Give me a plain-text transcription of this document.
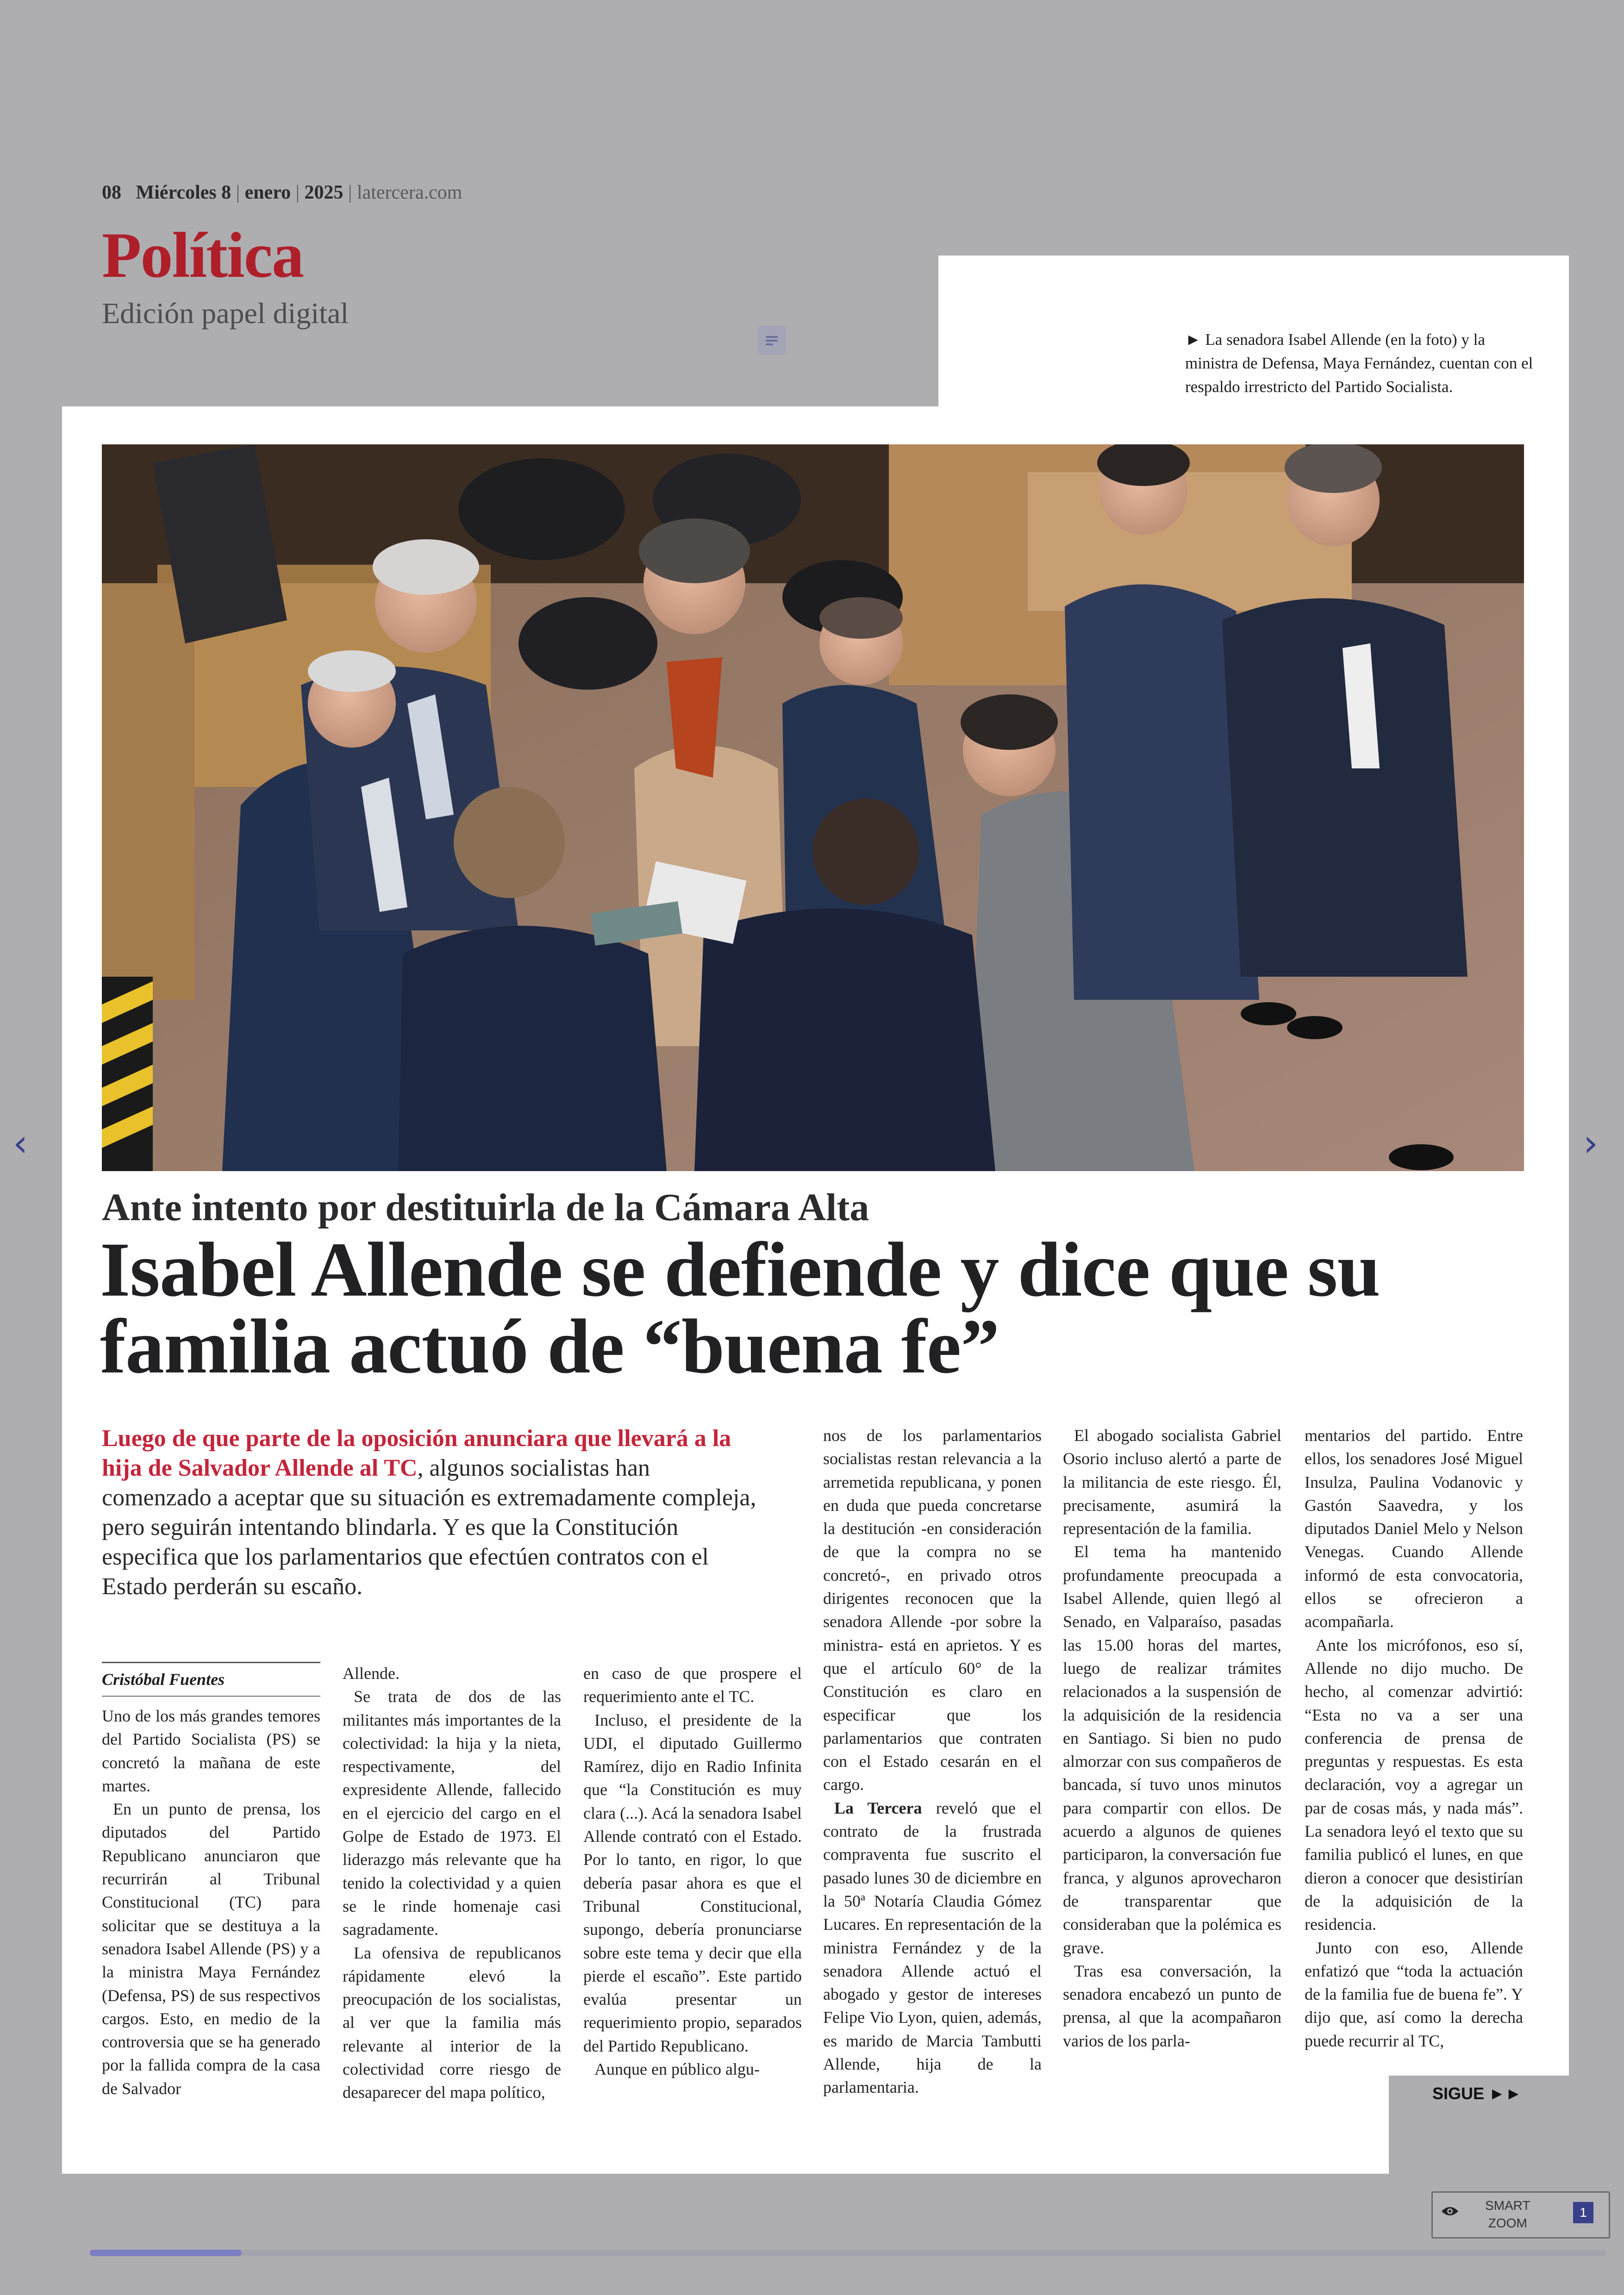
08 Miércoles 8 | enero | 2025 | latercera.com
Política
Edición papel digital
► La senadora Isabel Allende (en la foto) y la ministra de Defensa, Maya Fernández, cuentan con el respaldo irrestricto del Partido Socialista.
Ante intento por destituirla de la Cámara Alta
Isabel Allende se defiende y dice que su familia actuó de “buena fe”
Luego de que parte de la oposición anunciara que llevará a la hija de Salvador Allende al TC, algunos socialistas han comenzado a aceptar que su situación es extremadamente compleja, pero seguirán intentando blindarla. Y es que la Constitución especifica que los parlamentarios que efectúen contratos con el Estado perderán su escaño.
Cristóbal Fuentes

Uno de los más grandes temores del Partido Socialista (PS) se concretó la mañana de este martes.

En un punto de prensa, los diputados del Partido Republicano anunciaron que recurrirán al Tribunal Constitucional (TC) para solicitar que se destituya a la senadora Isabel Allende (PS) y a la ministra Maya Fernández (Defensa, PS) de sus respectivos cargos. Esto, en medio de la controversia que se ha generado por la fallida compra de la casa de Salvador

Allende.

Se trata de dos de las militantes más importantes de la colectividad: la hija y la nieta, respectivamente, del expresidente Allende, fallecido en el ejercicio del cargo en el Golpe de Estado de 1973. El liderazgo más relevante que ha tenido la colectividad y a quien se le rinde homenaje casi sagradamente.

La ofensiva de republicanos rápidamente elevó la preocupación de los socialistas, al ver que la familia más relevante al interior de la colectividad corre riesgo de desaparecer del mapa político,

en caso de que prospere el requerimiento ante el TC.

Incluso, el presidente de la UDI, el diputado Guillermo Ramírez, dijo en Radio Infinita que “la Constitución es muy clara (...). Acá la senadora Isabel Allende contrató con el Estado. Por lo tanto, en rigor, lo que debería pasar ahora es que el Tribunal Constitucional, supongo, debería pronunciarse sobre este tema y decir que ella pierde el escaño”. Este partido evalúa presentar un requerimiento propio, separados del Partido Republicano.

Aunque en público algu-

nos de los parlamentarios socialistas restan relevancia a la arremetida republicana, y ponen en duda que pueda concretarse la destitución -en consideración de que la compra no se concretó-, en privado otros dirigentes reconocen que la senadora Allende -por sobre la ministra- está en aprietos. Y es que el artículo 60° de la Constitución es claro en especificar que los parlamentarios que contraten con el Estado cesarán en el cargo.

La Tercera reveló que el contrato de la frustrada compraventa fue suscrito el pasado lunes 30 de diciembre en la 50ª Notaría Claudia Gómez Lucares. En representación de la ministra Fernández y de la senadora Allende actuó el abogado y gestor de intereses Felipe Vio Lyon, quien, además, es marido de Marcia Tambutti Allende, hija de la parlamentaria.

El abogado socialista Gabriel Osorio incluso alertó a parte de la militancia de este riesgo. Él, precisamente, asumirá la representación de la familia.

El tema ha mantenido profundamente preocupada a Isabel Allende, quien llegó al Senado, en Valparaíso, pasadas las 15.00 horas del martes, luego de realizar trámites relacionados a la suspensión de la adquisición de la residencia en Santiago. Si bien no pudo almorzar con sus compañeros de bancada, sí tuvo unos minutos para compartir con ellos. De acuerdo a algunos de quienes participaron, la conversación fue franca, y algunos aprovecharon de transparentar que consideraban que la polémica es grave.

Tras esa conversación, la senadora encabezó un punto de prensa, al que la acompañaron varios de los parla-

mentarios del partido. Entre ellos, los senadores José Miguel Insulza, Paulina Vodanovic y Gastón Saavedra, y los diputados Daniel Melo y Nelson Venegas. Cuando Allende informó de esta convocatoria, ellos se ofrecieron a acompañarla.

Ante los micrófonos, eso sí, Allende no dijo mucho. De hecho, al comenzar advirtió: “Esta no va a ser una conferencia de prensa de preguntas y respuestas. Es esta declaración, voy a agregar un par de cosas más, y nada más”. La senadora leyó el texto que su familia publicó el lunes, en que dieron a conocer que desistirían de la adquisición de la residencia.

Junto con eso, Allende enfatizó que “toda la actuación de la familia fue de buena fe”. Y dijo que, así como la derecha puede recurrir al TC,

SIGUE ►►
‹	›
SMART
ZOOM
1
